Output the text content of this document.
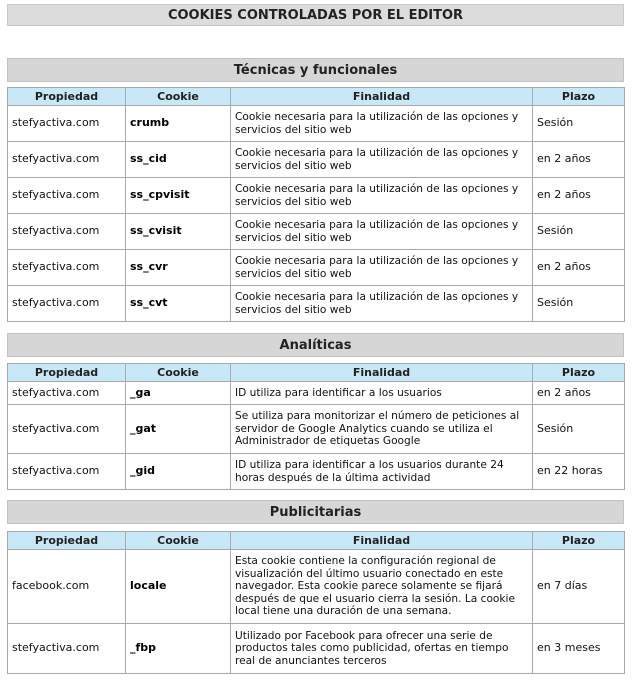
COOKIES CONTROLADAS POR EL EDITOR
Técnicas y funcionales
Propiedad	Cookie	Finalidad	Plazo
stefyactiva.com	crumb	Cookie necesaria para la utilización de las opciones y servicios del sitio web	Sesión
stefyactiva.com	ss_cid	Cookie necesaria para la utilización de las opciones y servicios del sitio web	en 2 años
stefyactiva.com	ss_cpvisit	Cookie necesaria para la utilización de las opciones y servicios del sitio web	en 2 años
stefyactiva.com	ss_cvisit	Cookie necesaria para la utilización de las opciones y servicios del sitio web	Sesión
stefyactiva.com	ss_cvr	Cookie necesaria para la utilización de las opciones y servicios del sitio web	en 2 años
stefyactiva.com	ss_cvt	Cookie necesaria para la utilización de las opciones y servicios del sitio web	Sesión
Analíticas
Propiedad	Cookie	Finalidad	Plazo
stefyactiva.com	_ga	ID utiliza para identificar a los usuarios	en 2 años
stefyactiva.com	_gat	Se utiliza para monitorizar el número de peticiones al servidor de Google Analytics cuando se utiliza el Administrador de etiquetas Google	Sesión
stefyactiva.com	_gid	ID utiliza para identificar a los usuarios durante 24 horas después de la última actividad	en 22 horas
Publicitarias
Propiedad	Cookie	Finalidad	Plazo
facebook.com	locale	Esta cookie contiene la configuración regional de visualización del último usuario conectado en este navegador. Esta cookie parece solamente se fijará después de que el usuario cierra la sesión. La cookie local tiene una duración de una semana.	en 7 días
stefyactiva.com	_fbp	Utilizado por Facebook para ofrecer una serie de productos tales como publicidad, ofertas en tiempo real de anunciantes terceros	en 3 meses
